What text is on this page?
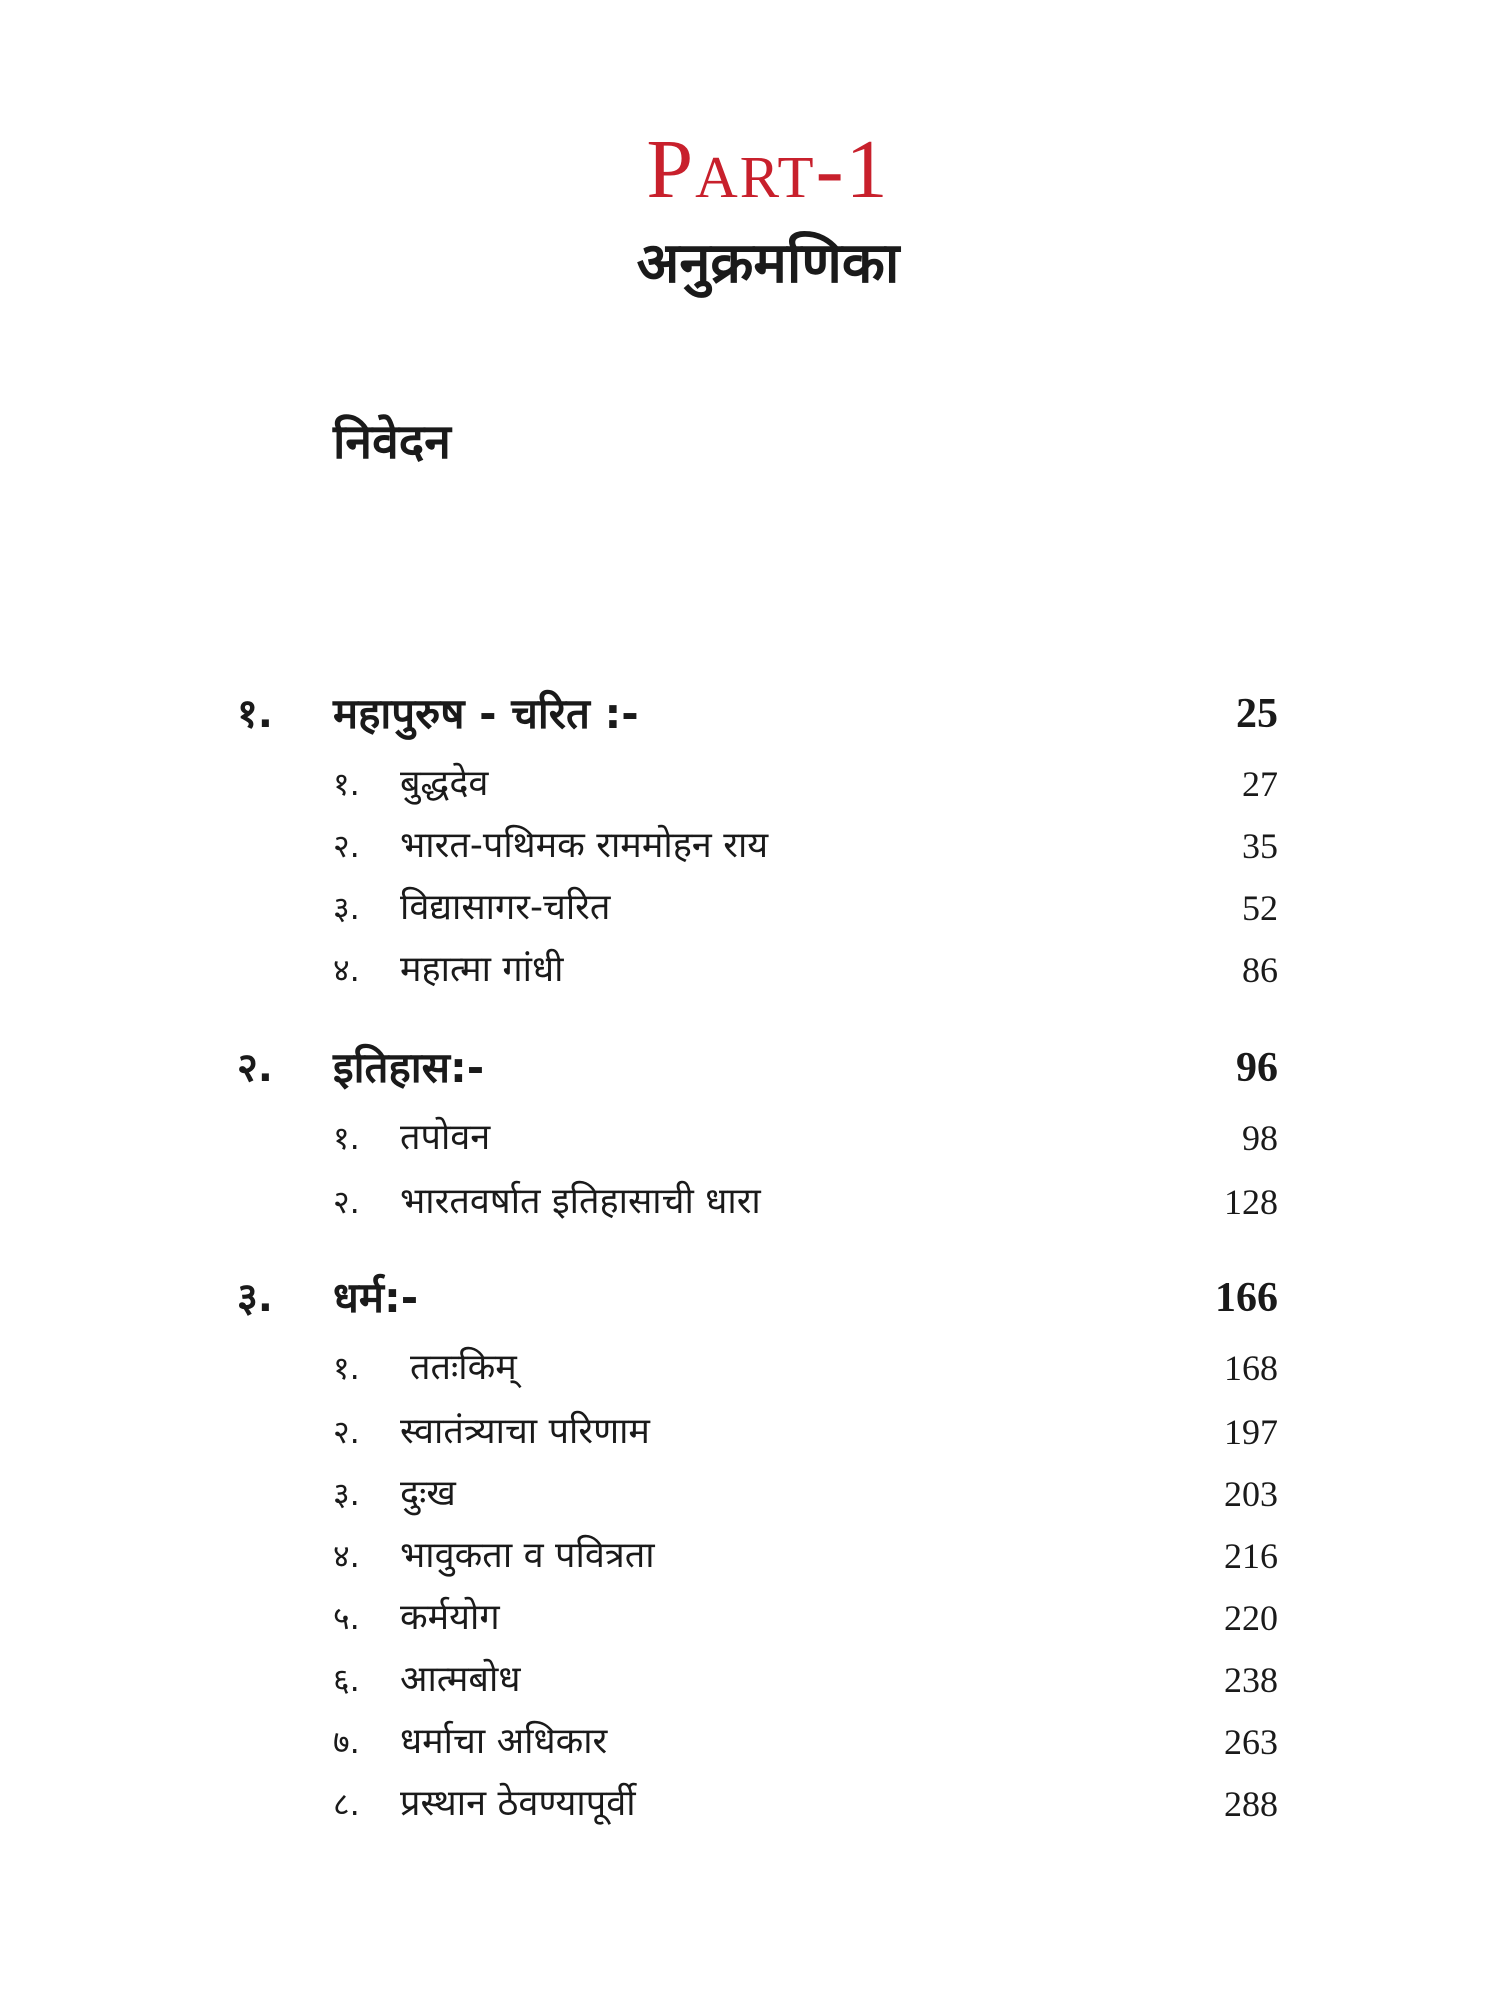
Part-1
अनुक्रमणिका
निवेदन
१. महापुरुष - चरित :-	25
१. बुद्धदेव	27
२. भारत-पथिमक राममोहन राय	35
३. विद्यासागर-चरित	52
४. महात्मा गांधी	86
२. इतिहास:-	96
१. तपोवन	98
२. भारतवर्षात इतिहासाची धारा	128
३. धर्म:-	166
१. ततःकिम्	168
२. स्वातंत्र्याचा परिणाम	197
३. दुःख	203
४. भावुकता व पवित्रता	216
५. कर्मयोग	220
६. आत्मबोध	238
७. धर्माचा अधिकार	263
८. प्रस्थान ठेवण्यापूर्वी	288
